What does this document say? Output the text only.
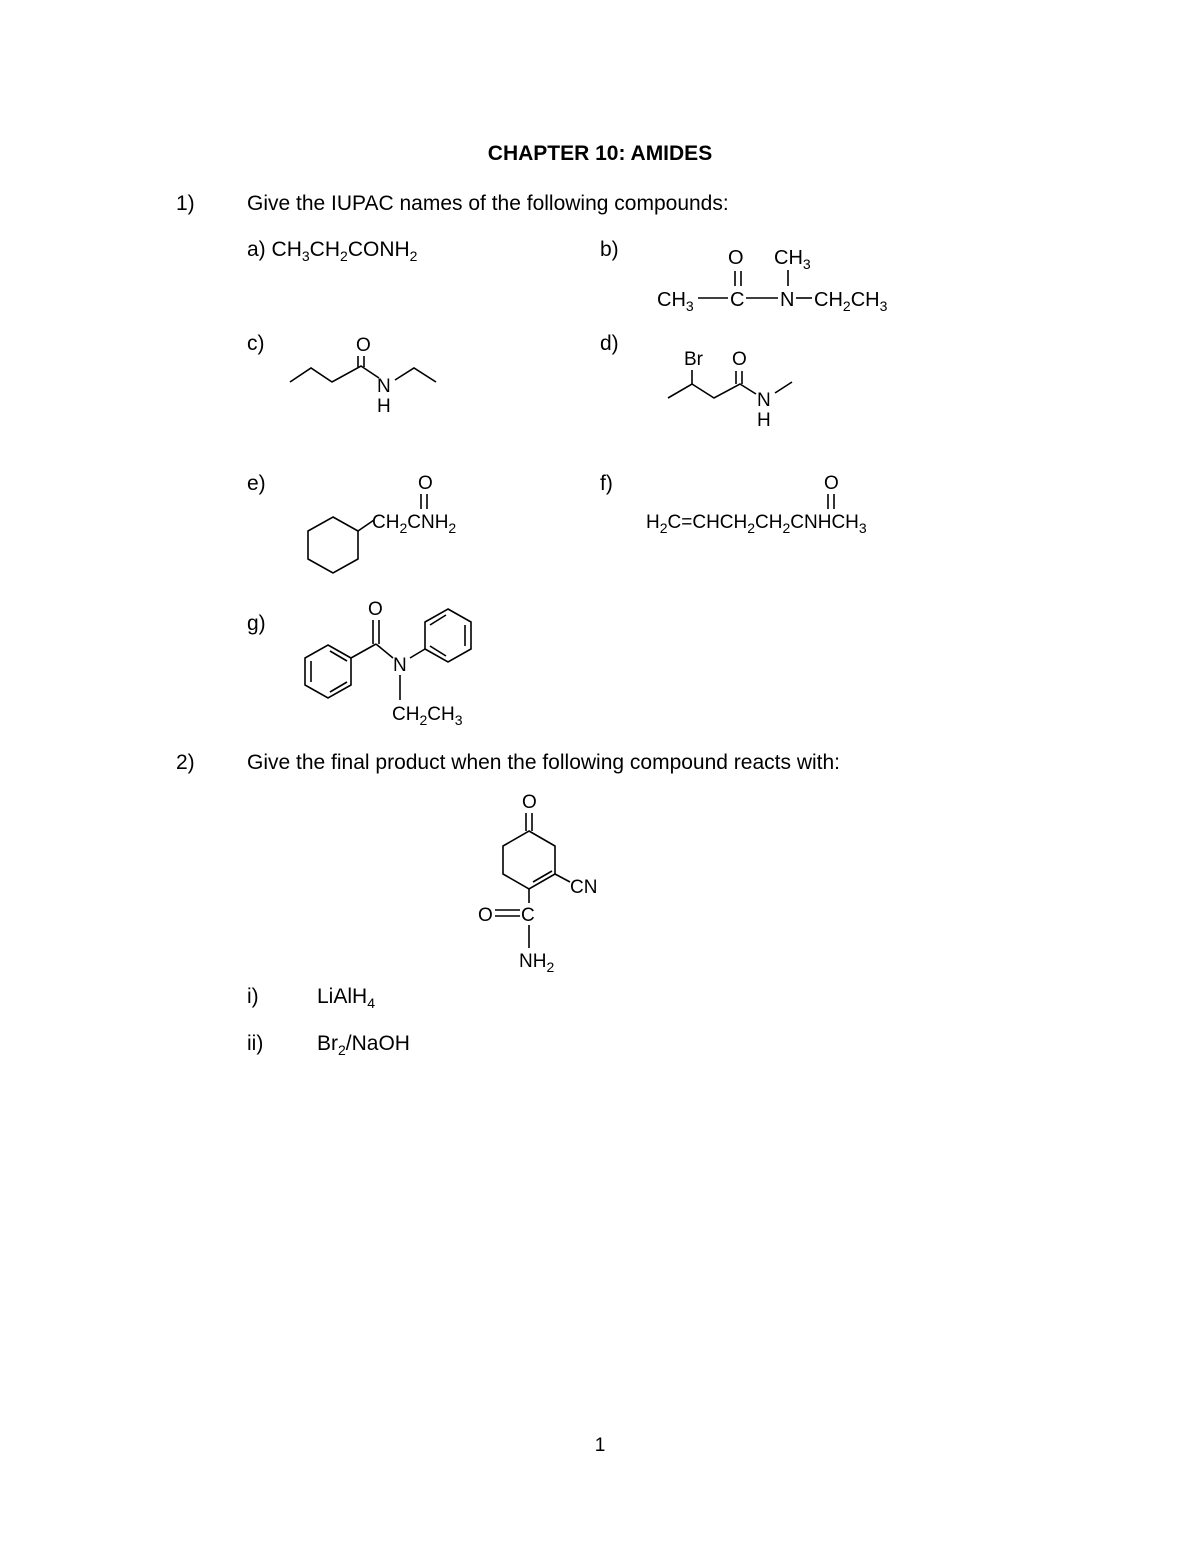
CHAPTER 10: AMIDES
1) Give the IUPAC names of the following compounds:
a) $CH_3CH_2CONH_2$	b)	O $CH_3$
$CH_3$ C N $CH_2CH_3$
c)	O
N
H
d)
Br O
N
H
e)	O
$CH_2CNH_2$
f)	O
$H_2C=CHCH_2CH_2CNHCH_3$
g)
O
N
$CH_2CH_3$
2) Give the final product when the following compound reacts with:
O
CN
O C
$NH_2$
i)	LiAlH$_4$
ii)	$Br_2$/NaOH
1
